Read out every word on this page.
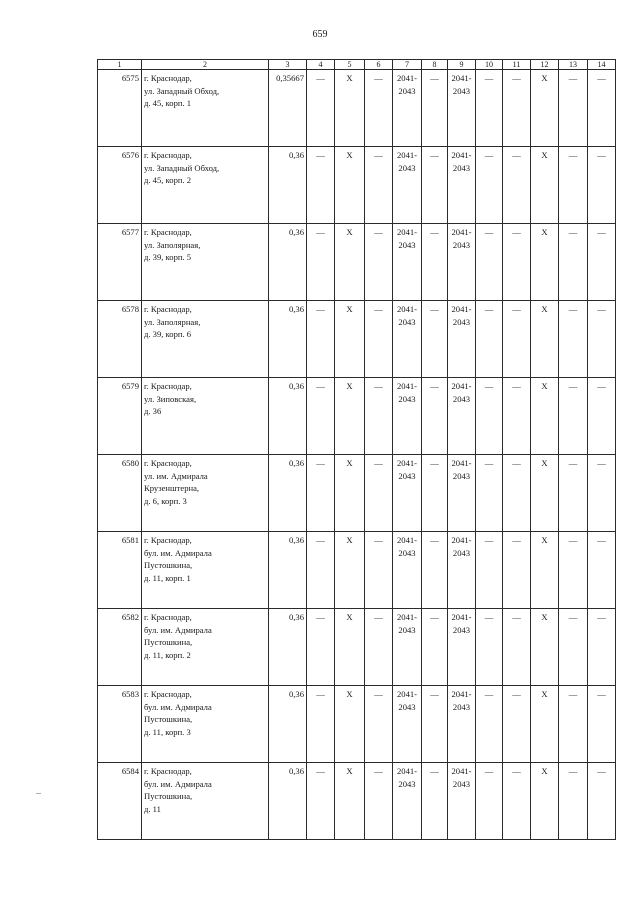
659
1	2	3	4	5	6	7	8	9	10	11	12	13	14
6575	г. Краснодар,
ул. Западный Обход,
д. 45, корп. 1	0,35667	—	Х	—	2041-
2043	—	2041-
2043	—	—	Х	—	—
6576	г. Краснодар,
ул. Западный Обход,
д. 45, корп. 2	0,36	—	Х	—	2041-
2043	—	2041-
2043	—	—	Х	—	—
6577	г. Краснодар,
ул. Заполярная,
д. 39, корп. 5	0,36	—	Х	—	2041-
2043	—	2041-
2043	—	—	Х	—	—
6578	г. Краснодар,
ул. Заполярная,
д. 39, корп. 6	0,36	—	Х	—	2041-
2043	—	2041-
2043	—	—	Х	—	—
6579	г. Краснодар,
ул. Зиповская,
д. 36	0,36	—	Х	—	2041-
2043	—	2041-
2043	—	—	Х	—	—
6580	г. Краснодар,
ул. им. Адмирала
Крузенштерна,
д. 6, корп. 3	0,36	—	Х	—	2041-
2043	—	2041-
2043	—	—	Х	—	—
6581	г. Краснодар,
бул. им. Адмирала
Пустошкина,
д. 11, корп. 1	0,36	—	Х	—	2041-
2043	—	2041-
2043	—	—	Х	—	—
6582	г. Краснодар,
бул. им. Адмирала
Пустошкина,
д. 11, корп. 2	0,36	—	Х	—	2041-
2043	—	2041-
2043	—	—	Х	—	—
6583	г. Краснодар,
бул. им. Адмирала
Пустошкина,
д. 11, корп. 3	0,36	—	Х	—	2041-
2043	—	2041-
2043	—	—	Х	—	—
6584	г. Краснодар,
бул. им. Адмирала
Пустошкина,
д. 11	0,36	—	Х	—	2041-
2043	—	2041-
2043	—	—	Х	—	—
